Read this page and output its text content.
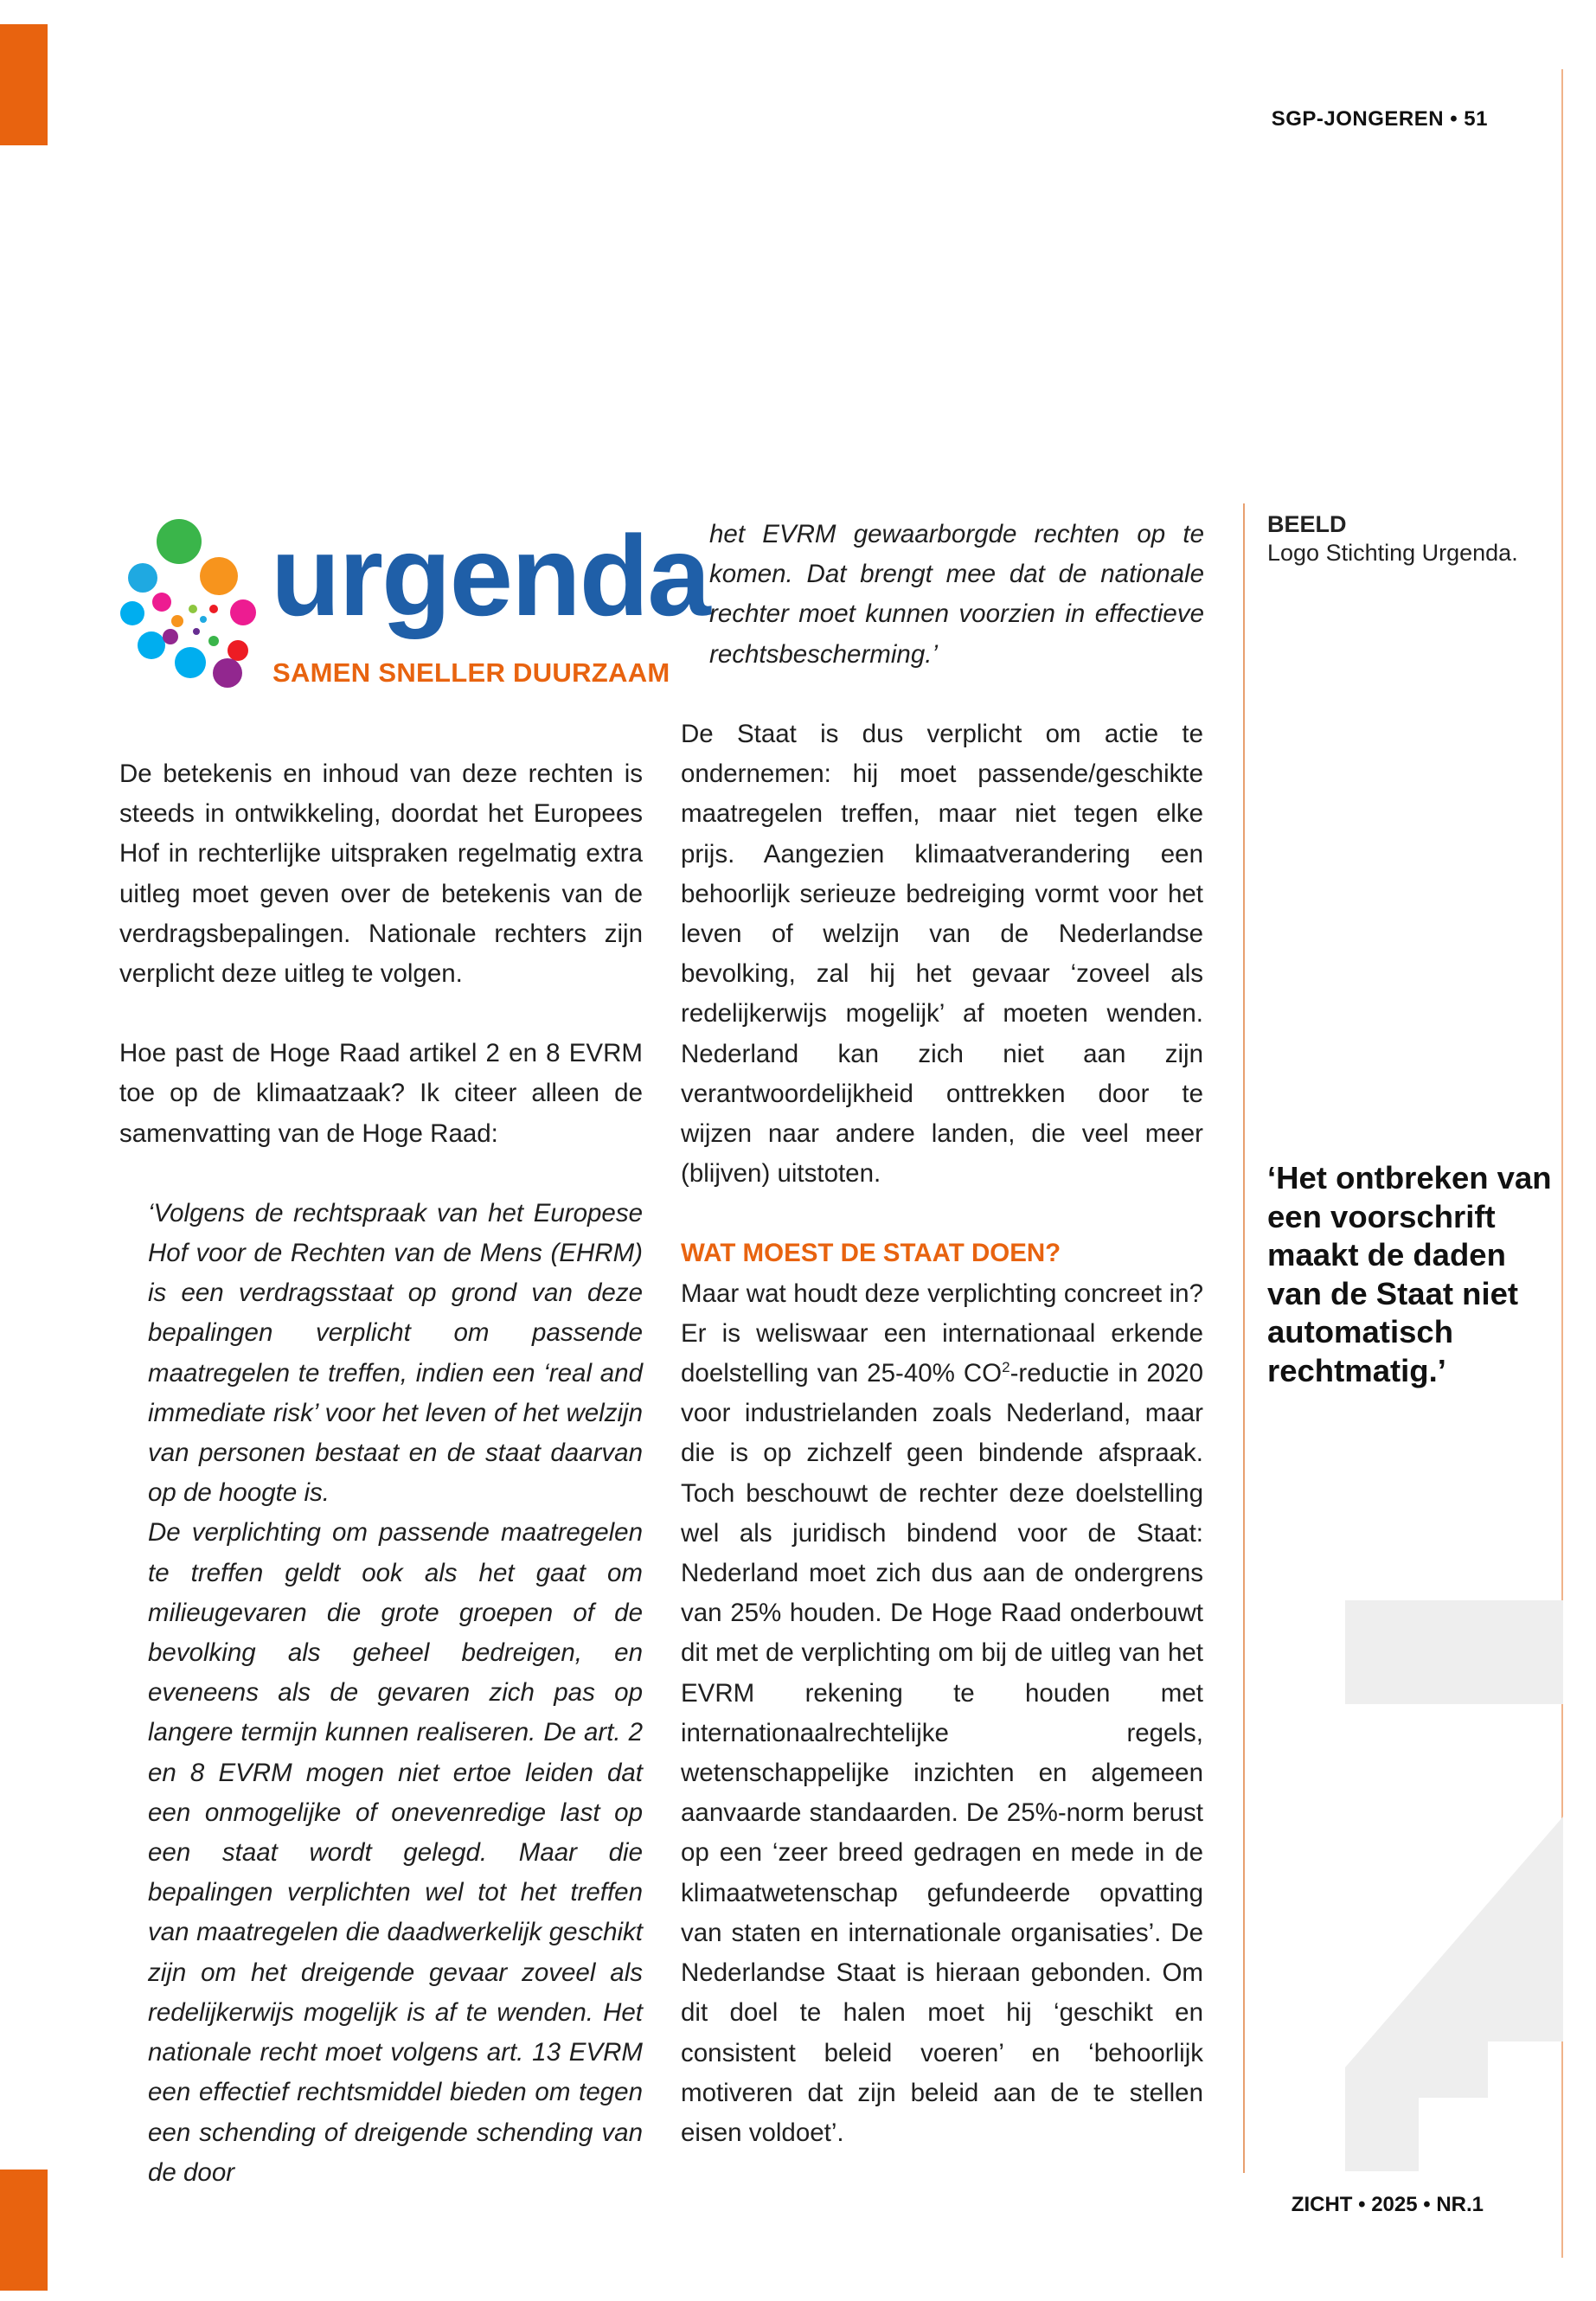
SGP-JONGEREN • 51
urgenda
SAMEN SNELLER DUURZAAM
het EVRM gewaarborgde rechten op te komen. Dat brengt mee dat de nationale rechter moet kunnen voorzien in effectieve rechtsbescherming.’
BEELD
Logo Stichting Urgenda.

De betekenis en inhoud van deze rechten is steeds in ontwikkeling, doordat het Europees Hof in rechterlijke uitspraken regelmatig extra uitleg moet geven over de betekenis van de verdragsbepalingen. Nationale rechters zijn verplicht deze uitleg te volgen.

Hoe past de Hoge Raad artikel 2 en 8 EVRM toe op de klimaatzaak? Ik citeer alleen de samenvatting van de Hoge Raad:

‘Volgens de rechtspraak van het Europese Hof voor de Rechten van de Mens (EHRM) is een verdragsstaat op grond van deze bepalingen verplicht om passende maatregelen te treffen, indien een ‘real and immediate risk’ voor het leven of het welzijn van personen bestaat en de staat daarvan op de hoogte is.

De verplichting om passende maatregelen te treffen geldt ook als het gaat om milieugevaren die grote groepen of de bevolking als geheel bedreigen, en eveneens als de gevaren zich pas op langere termijn kunnen realiseren. De art. 2 en 8 EVRM mogen niet ertoe leiden dat een onmogelijke of onevenredige last op een staat wordt gelegd. Maar die bepalingen verplichten wel tot het treffen van maatregelen die daadwerkelijk geschikt zijn om het dreigende gevaar zoveel als redelijkerwijs mogelijk is af te wenden. Het nationale recht moet volgens art. 13 EVRM een effectief rechtsmiddel bieden om tegen een schending of dreigende schending van de door

De Staat is dus verplicht om actie te ondernemen: hij moet passende/geschikte maatregelen treffen, maar niet tegen elke prijs. Aangezien klimaatverandering een behoorlijk serieuze bedreiging vormt voor het leven of welzijn van de Nederlandse bevolking, zal hij het gevaar ‘zoveel als redelijkerwijs mogelijk’ af moeten wenden. Nederland kan zich niet aan zijn verantwoordelijkheid onttrekken door te wijzen naar andere landen, die veel meer (blijven) uitstoten.

WAT MOEST DE STAAT DOEN?

Maar wat houdt deze verplichting concreet in? Er is weliswaar een internationaal erkende doelstelling van 25-40% $CO^2$-reductie in 2020 voor industrielanden zoals Nederland, maar die is op zichzelf geen bindende afspraak. Toch beschouwt de rechter deze doelstelling wel als juridisch bindend voor de Staat: Nederland moet zich dus aan de ondergrens van 25% houden. De Hoge Raad onderbouwt dit met de verplichting om bij de uitleg van het EVRM rekening te houden met internationaalrechtelijke regels, wetenschappelijke inzichten en algemeen aanvaarde standaarden. De 25%-norm berust op een ‘zeer breed gedragen en mede in de klimaatwetenschap gefundeerde opvatting van staten en internationale organisaties’. De Nederlandse Staat is hieraan gebonden. Om dit doel te halen moet hij ‘geschikt en consistent beleid voeren’ en ‘behoorlijk motiveren dat zijn beleid aan de te stellen eisen voldoet’.

‘Het ontbreken van een voorschrift maakt de daden van de Staat niet automatisch rechtmatig.’
ZICHT • 2025 • NR.1
